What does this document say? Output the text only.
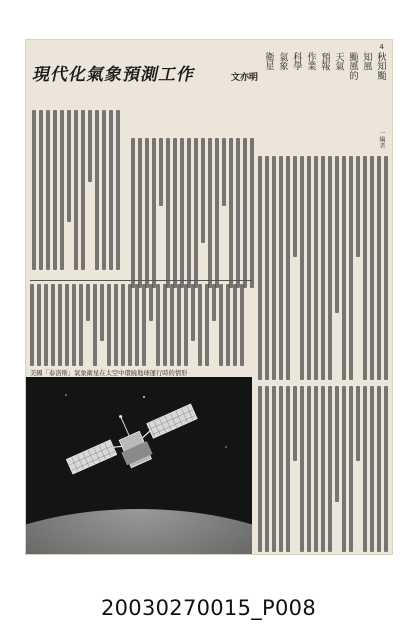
4
現代化氣象預測工作	文亦明	秋知颱
知風
颱風的
天氣
預報
作業
科學
氣象
衛星
一編者
美國「泰洛斯」氣象衛星在太空中環繞地球運行時的情形
20030270015_P008
